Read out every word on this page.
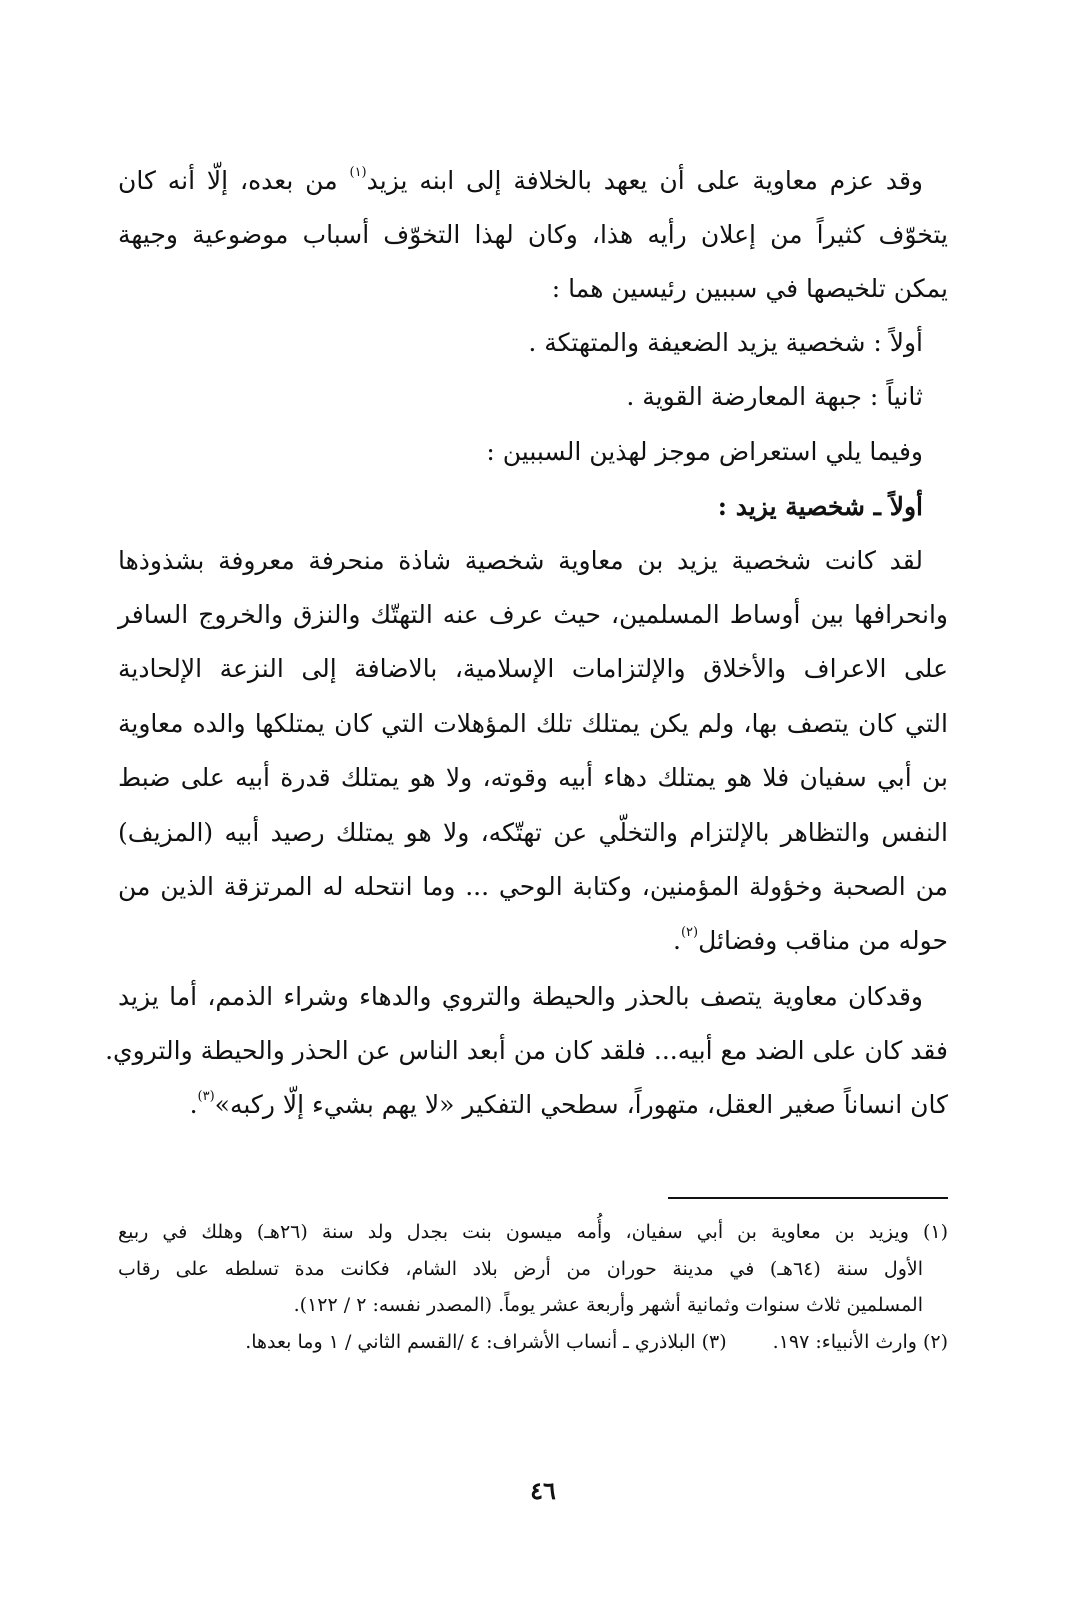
وقد عزم معاوية على أن يعهد بالخلافة إلى ابنه يزيد$^{(١)}$ من بعده، إلّا أنه كان
يتخوّف كثيراً من إعلان رأيه هذا، وكان لهذا التخوّف أسباب موضوعية وجيهة
يمكن تلخيصها في سببين رئيسين هما :
أولاً : شخصية يزيد الضعيفة والمتهتكة .
ثانياً : جبهة المعارضة القوية .
وفيما يلي استعراض موجز لهذين السببين :
أولاً ـ شخصية يزيد :
لقد كانت شخصية يزيد بن معاوية شخصية شاذة منحرفة معروفة بشذوذها
وانحرافها بين أوساط المسلمين، حيث عرف عنه التهتّك والنزق والخروج السافر
على الاعراف والأخلاق والإلتزامات الإسلامية، بالاضافة إلى النزعة الإلحادية
التي كان يتصف بها، ولم يكن يمتلك تلك المؤهلات التي كان يمتلكها والده معاوية
بن أبي سفيان فلا هو يمتلك دهاء أبيه وقوته، ولا هو يمتلك قدرة أبيه على ضبط
النفس والتظاهر بالإلتزام والتخلّي عن تهتّكه، ولا هو يمتلك رصيد أبيه (المزيف)
من الصحبة وخؤولة المؤمنين، وكتابة الوحي ... وما انتحله له المرتزقة الذين من
حوله من مناقب وفضائل$^{(٢)}$.
وقدكان معاوية يتصف بالحذر والحيطة والتروي والدهاء وشراء الذمم، أما يزيد
فقد كان على الضد مع أبيه... فلقد كان من أبعد الناس عن الحذر والحيطة والتروي.
كان انساناً صغير العقل، متهوراً، سطحي التفكير «لا يهم بشيء إلّا ركبه»$^{(٣)}$.
(١) ويزيد بن معاوية بن أبي سفيان، وأُمه ميسون بنت بجدل ولد سنة (٢٦هـ) وهلك في ربيع
الأول سنة (٦٤هـ) في مدينة حوران من أرض بلاد الشام، فكانت مدة تسلطه على رقاب
المسلمين ثلاث سنوات وثمانية أشهر وأربعة عشر يوماً. (المصدر نفسه: ٢ / ١٢٢).
(٢) وارث الأنبياء: ١٩٧.
(٣) البلاذري ـ أنساب الأشراف: ٤ /القسم الثاني / ١ وما بعدها.
٤٦
